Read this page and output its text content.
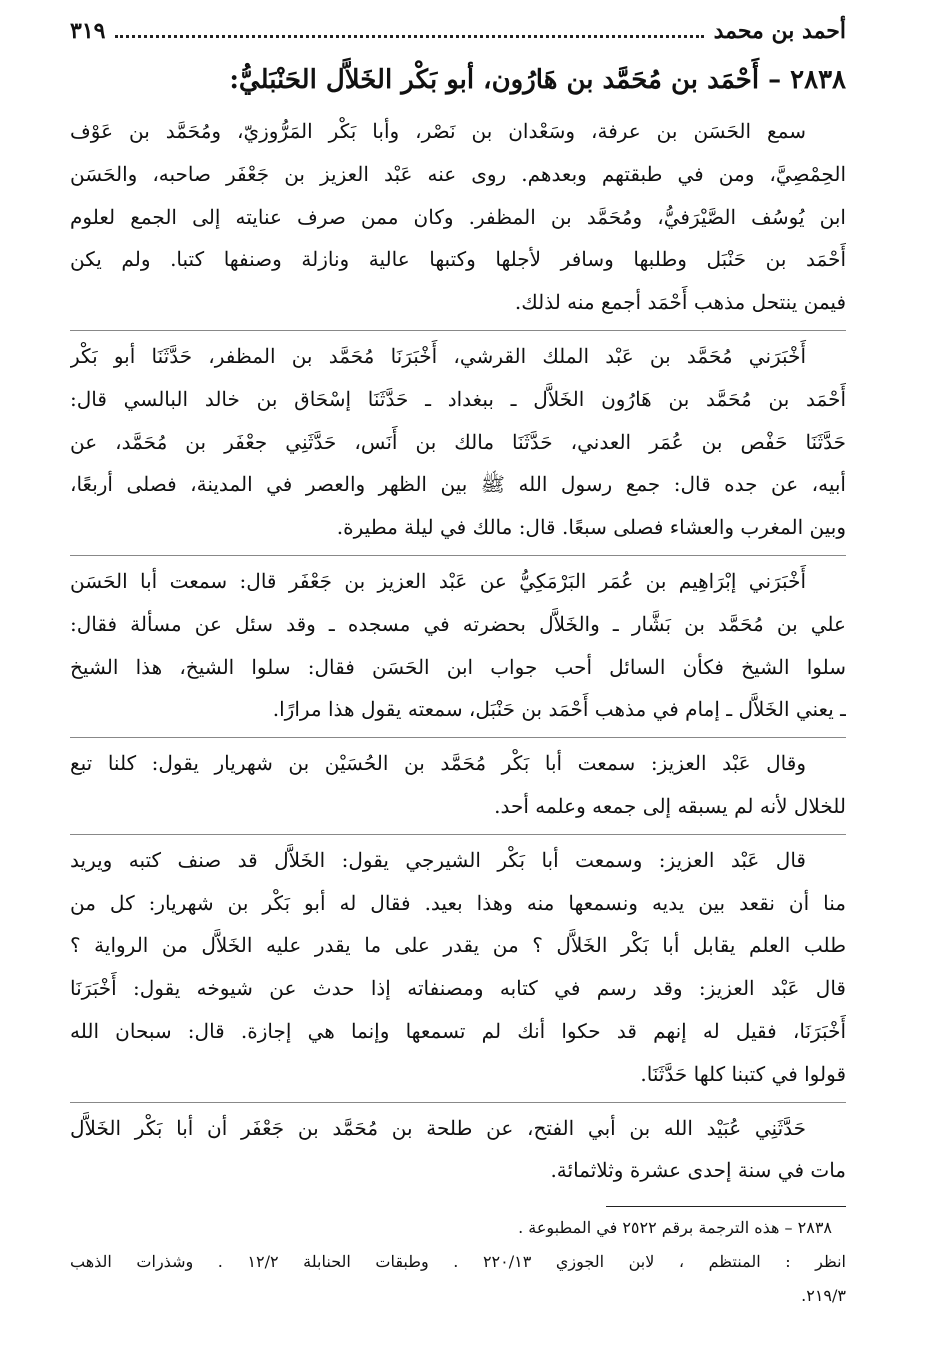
أحمد بن محمد
٣١٩
٢٨٣٨ – أَحْمَد بن مُحَمَّد بن هَارُون، أبو بَكْر الخَلاَّل الحَنْبَليُّ:
سمع الحَسَن بن عرفة، وسَعْدان بن نَصْر، وأبا بَكْر المَرُّوزيّ، ومُحَمَّد بن عَوْف
الحِمْصِيَّ، ومن في طبقتهم وبعدهم. روى عنه عَبْد العزيز بن جَعْفَر صاحبه، والحَسَن
ابن يُوسُف الصَّيْرَفيُّ، ومُحَمَّد بن المظفر. وكان ممن صرف عنايته إلى الجمع لعلوم
أَحْمَد بن حَنْبَل وطلبها وسافر لأجلها وكتبها عالية ونازلة وصنفها كتبا. ولم يكن
فيمن ينتحل مذهب أَحْمَد أجمع منه لذلك.
أَخْبَرَني مُحَمَّد بن عَبْد الملك القرشي، أَخْبَرَنَا مُحَمَّد بن المظفر، حَدَّثَنَا أبو بَكْر
أَحْمَد بن مُحَمَّد بن هَارُون الخَلاَّل ـ ببغداد ـ حَدَّثَنَا إسْحَاق بن خالد البالسي قال:
حَدَّثَنَا حَفْص بن عُمَر العدني، حَدَّثَنَا مالك بن أَنَس، حَدَّثَنِي جعْفَر بن مُحَمَّد، عن
أبيه، عن جده قال: جمع رسول الله ﷺ بين الظهر والعصر في المدينة، فصلى أربعًا،
وبين المغرب والعشاء فصلى سبعًا. قال: مالك في ليلة مطيرة.
أَخْبَرَني إبْرَاهِيم بن عُمَر البَرْمَكِيُّ عن عَبْد العزيز بن جَعْفَر قال: سمعت أبا الحَسَن
علي بن مُحَمَّد بن بَشَّار ـ والخَلاَّل بحضرته في مسجده ـ وقد سئل عن مسألة فقال:
سلوا الشيخ فكأن السائل أحب جواب ابن الحَسَن فقال: سلوا الشيخ، هذا الشيخ
ـ يعني الخَلاَّل ـ إمام في مذهب أَحْمَد بن حَنْبَل، سمعته يقول هذا مرارًا.
وقال عَبْد العزيز: سمعت أبا بَكْر مُحَمَّد بن الحُسَيْن بن شهريار يقول: كلنا تبع
للخلال لأنه لم يسبقه إلى جمعه وعلمه أحد.
قال عَبْد العزيز: وسمعت أبا بَكْر الشيرجي يقول: الخَلاَّل قد صنف كتبه ويريد
منا أن نقعد بين يديه ونسمعها منه وهذا بعيد. فقال له أبو بَكْر بن شهريار: كل من
طلب العلم يقابل أبا بَكْر الخَلاَّل ؟ من يقدر على ما يقدر عليه الخَلاَّل من الرواية ؟
قال عَبْد العزيز: وقد رسم في كتابه ومصنفاته إذا حدث عن شيوخه يقول: أَخْبَرَنَا
أَخْبَرَنَا، فقيل له إنهم قد حكوا أنك لم تسمعها وإنما هي إجازة. قال: سبحان الله
قولوا في كتبنا كلها حَدَّثَنَا.
حَدَّثَنِي عُبَيْد الله بن أبي الفتح، عن طلحة بن مُحَمَّد بن جَعْفَر أن أبا بَكْر الخَلاَّل
مات في سنة إحدى عشرة وثلاثمائة.
٢٨٣٨ – هذه الترجمة برقم ٢٥٢٢ في المطبوعة .
انظر : المنتظم ، لابن الجوزي ٢٢٠/١٣ . وطبقات الحنابلة ١٢/٢ . وشذرات الذهب
٢١٩/٣.
